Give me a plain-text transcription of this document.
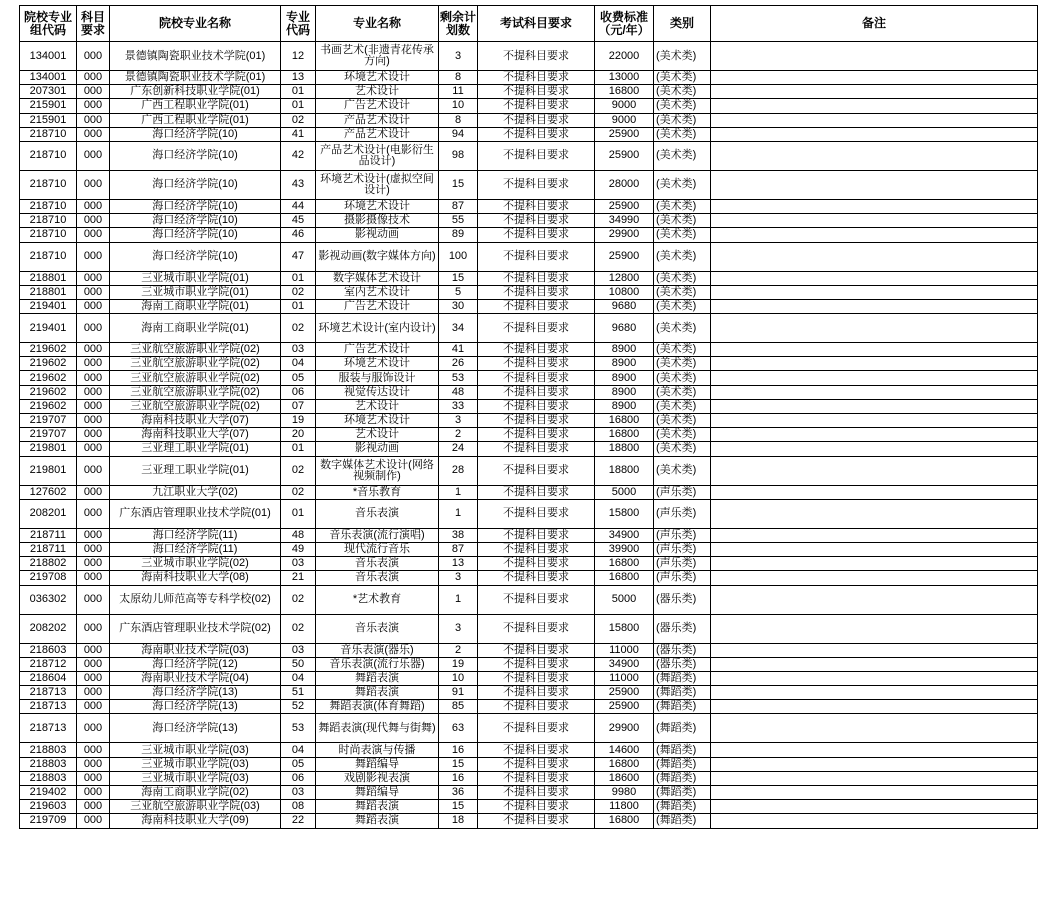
院校专业组代码	科目要求	院校专业名称	专业代码	专业名称	剩余计划数	考试科目要求	收费标准（元/年）	类别	备注
134001	000	景德镇陶瓷职业技术学院(01)	12	书画艺术(非遗青花传承方向)	3	不提科目要求	22000	(美术类)	
134001	000	景德镇陶瓷职业技术学院(01)	13	环境艺术设计	8	不提科目要求	13000	(美术类)	
207301	000	广东创新科技职业学院(01)	01	艺术设计	11	不提科目要求	16800	(美术类)	
215901	000	广西工程职业学院(01)	01	广告艺术设计	10	不提科目要求	9000	(美术类)	
215901	000	广西工程职业学院(01)	02	产品艺术设计	8	不提科目要求	9000	(美术类)	
218710	000	海口经济学院(10)	41	产品艺术设计	94	不提科目要求	25900	(美术类)	
218710	000	海口经济学院(10)	42	产品艺术设计(电影衍生品设计)	98	不提科目要求	25900	(美术类)	
218710	000	海口经济学院(10)	43	环境艺术设计(虚拟空间设计)	15	不提科目要求	28000	(美术类)	
218710	000	海口经济学院(10)	44	环境艺术设计	87	不提科目要求	25900	(美术类)	
218710	000	海口经济学院(10)	45	摄影摄像技术	55	不提科目要求	34990	(美术类)	
218710	000	海口经济学院(10)	46	影视动画	89	不提科目要求	29900	(美术类)	
218710	000	海口经济学院(10)	47	影视动画(数字媒体方向)	100	不提科目要求	25900	(美术类)	
218801	000	三亚城市职业学院(01)	01	数字媒体艺术设计	15	不提科目要求	12800	(美术类)	
218801	000	三亚城市职业学院(01)	02	室内艺术设计	5	不提科目要求	10800	(美术类)	
219401	000	海南工商职业学院(01)	01	广告艺术设计	30	不提科目要求	9680	(美术类)	
219401	000	海南工商职业学院(01)	02	环境艺术设计(室内设计)	34	不提科目要求	9680	(美术类)	
219602	000	三亚航空旅游职业学院(02)	03	广告艺术设计	41	不提科目要求	8900	(美术类)	
219602	000	三亚航空旅游职业学院(02)	04	环境艺术设计	26	不提科目要求	8900	(美术类)	
219602	000	三亚航空旅游职业学院(02)	05	服装与服饰设计	53	不提科目要求	8900	(美术类)	
219602	000	三亚航空旅游职业学院(02)	06	视觉传达设计	48	不提科目要求	8900	(美术类)	
219602	000	三亚航空旅游职业学院(02)	07	艺术设计	33	不提科目要求	8900	(美术类)	
219707	000	海南科技职业大学(07)	19	环境艺术设计	3	不提科目要求	16800	(美术类)	
219707	000	海南科技职业大学(07)	20	艺术设计	2	不提科目要求	16800	(美术类)	
219801	000	三亚理工职业学院(01)	01	影视动画	24	不提科目要求	18800	(美术类)	
219801	000	三亚理工职业学院(01)	02	数字媒体艺术设计(网络视频制作)	28	不提科目要求	18800	(美术类)	
127602	000	九江职业大学(02)	02	*音乐教育	1	不提科目要求	5000	(声乐类)	
208201	000	广东酒店管理职业技术学院(01)	01	音乐表演	1	不提科目要求	15800	(声乐类)	
218711	000	海口经济学院(11)	48	音乐表演(流行演唱)	38	不提科目要求	34900	(声乐类)	
218711	000	海口经济学院(11)	49	现代流行音乐	87	不提科目要求	39900	(声乐类)	
218802	000	三亚城市职业学院(02)	03	音乐表演	13	不提科目要求	16800	(声乐类)	
219708	000	海南科技职业大学(08)	21	音乐表演	3	不提科目要求	16800	(声乐类)	
036302	000	太原幼儿师范高等专科学校(02)	02	*艺术教育	1	不提科目要求	5000	(器乐类)	
208202	000	广东酒店管理职业技术学院(02)	02	音乐表演	3	不提科目要求	15800	(器乐类)	
218603	000	海南职业技术学院(03)	03	音乐表演(器乐)	2	不提科目要求	11000	(器乐类)	
218712	000	海口经济学院(12)	50	音乐表演(流行乐器)	19	不提科目要求	34900	(器乐类)	
218604	000	海南职业技术学院(04)	04	舞蹈表演	10	不提科目要求	11000	(舞蹈类)	
218713	000	海口经济学院(13)	51	舞蹈表演	91	不提科目要求	25900	(舞蹈类)	
218713	000	海口经济学院(13)	52	舞蹈表演(体育舞蹈)	85	不提科目要求	25900	(舞蹈类)	
218713	000	海口经济学院(13)	53	舞蹈表演(现代舞与街舞)	63	不提科目要求	29900	(舞蹈类)	
218803	000	三亚城市职业学院(03)	04	时尚表演与传播	16	不提科目要求	14600	(舞蹈类)	
218803	000	三亚城市职业学院(03)	05	舞蹈编导	15	不提科目要求	16800	(舞蹈类)	
218803	000	三亚城市职业学院(03)	06	戏剧影视表演	16	不提科目要求	18600	(舞蹈类)	
219402	000	海南工商职业学院(02)	03	舞蹈编导	36	不提科目要求	9980	(舞蹈类)	
219603	000	三亚航空旅游职业学院(03)	08	舞蹈表演	15	不提科目要求	11800	(舞蹈类)	
219709	000	海南科技职业大学(09)	22	舞蹈表演	18	不提科目要求	16800	(舞蹈类)	
